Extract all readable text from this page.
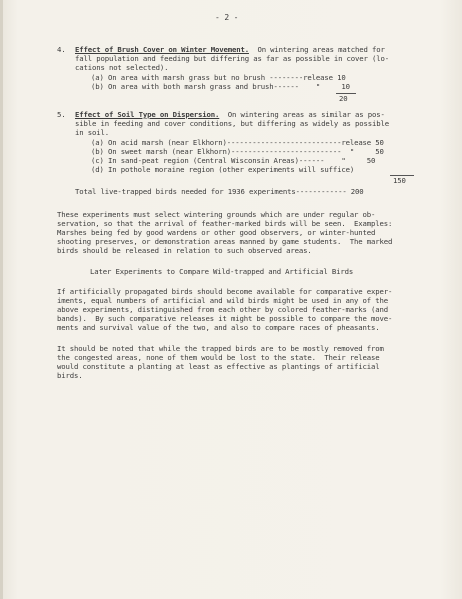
- 2 -
4. Effect of Brush Cover on Winter Movement.  On wintering areas matched for
fall population and feeding but differing as far as possible in cover (lo-
cations not selected).
(a) On area with marsh grass but no brush --------release 10
(b) On area with both marsh grass and brush------    "     10
20
5. Effect of Soil Type on Dispersion.  On wintering areas as similar as pos-
sible in feeding and cover conditions, but differing as widely as possible
in soil.
(a) On acid marsh (near Elkhorn)---------------------------release 50
(b) On sweet marsh (near Elkhorn)--------------------------  "     50
(c) In sand-peat region (Central Wisconsin Areas)------    "     50
(d) In pothole moraine region (other experiments will suffice)
150
Total live-trapped birds needed for 1936 experiments------------ 200
These experiments must select wintering grounds which are under regular ob-
servation, so that the arrival of feather-marked birds will be seen.  Examples:
Marshes being fed by good wardens or other good observers, or winter-hunted
shooting preserves, or demonstration areas manned by game students.  The marked
birds should be released in relation to such observed areas.
Later Experiments to Compare Wild-trapped and Artificial Birds
If artificially propagated birds should become available for comparative exper-
iments, equal numbers of artificial and wild birds might be used in any of the
above experiments, distinguished from each other by colored feather-marks (and
bands).  By such comparative releases it might be possible to compare the move-
ments and survival value of the two, and also to compare races of pheasants.
It should be noted that while the trapped birds are to be mostly removed from
the congested areas, none of them would be lost to the state.  Their release
would constitute a planting at least as effective as plantings of artificial
birds.
